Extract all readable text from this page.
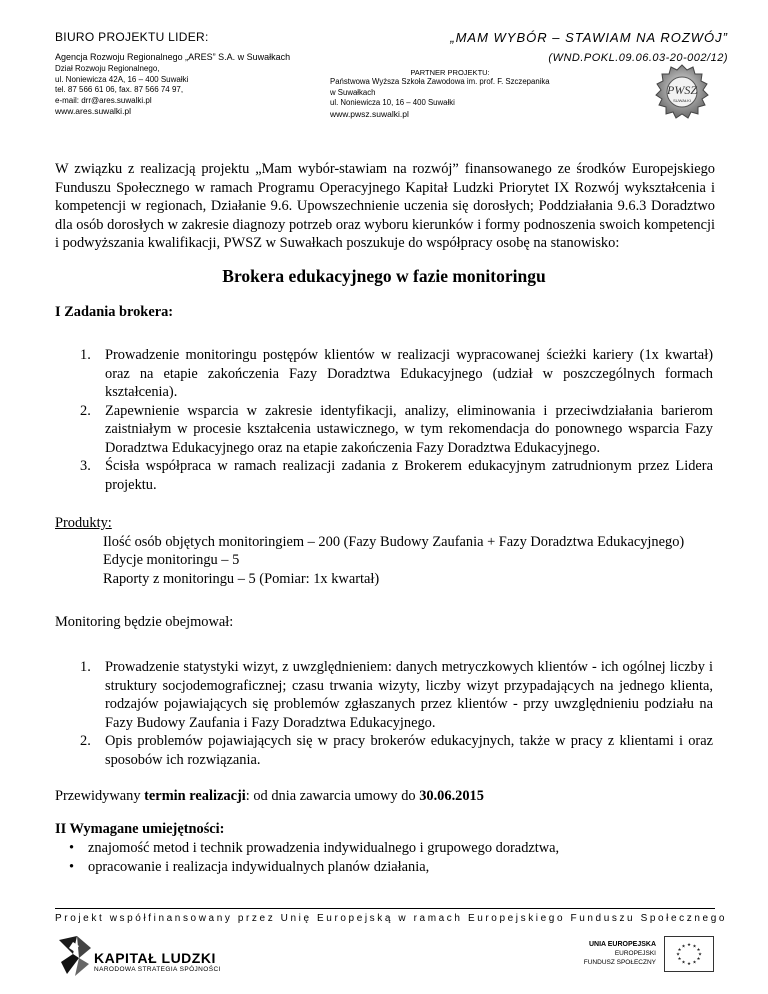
BIURO PROJEKTU LIDER:
Agencja Rozwoju Regionalnego „ARES” S.A. w Suwałkach
Dział Rozwoju Regionalnego,
ul. Noniewicza 42A, 16 – 400 Suwałki
tel. 87 566 61 06, fax. 87 566 74 97,
e-mail: drr@ares.suwalki.pl
www.ares.suwalki.pl
„MAM WYBÓR – STAWIAM NA ROZWÓJ”
(WND.POKL.09.06.03-20-002/12)
PARTNER PROJEKTU:
Państwowa Wyższa Szkoła Zawodowa im. prof. F. Szczepanika
w Suwałkach
ul. Noniewicza 10, 16 – 400 Suwałki
www.pwsz.suwalki.pl
PWSZ
SUWAŁKI
W związku z realizacją projektu „Mam wybór-stawiam na rozwój” finansowanego ze środków Europejskiego Funduszu Społecznego w ramach Programu Operacyjnego Kapitał Ludzki Priorytet IX Rozwój wykształcenia i kompetencji w regionach, Działanie 9.6. Upowszechnienie uczenia się dorosłych; Poddziałania 9.6.3 Doradztwo dla osób dorosłych w zakresie diagnozy potrzeb oraz wyboru kierunków i formy podnoszenia swoich kompetencji i podwyższania kwalifikacji, PWSZ w Suwałkach poszukuje do współpracy osobę na stanowisko:
Brokera edukacyjnego w fazie monitoringu
I Zadania brokera:
1. Prowadzenie monitoringu postępów klientów w realizacji wypracowanej ścieżki kariery (1x kwartał) oraz na etapie zakończenia Fazy Doradztwa Edukacyjnego (udział w poszczególnych formach kształcenia).
2. Zapewnienie wsparcia w zakresie identyfikacji, analizy, eliminowania i przeciwdziałania barierom zaistniałym w procesie kształcenia ustawicznego, w tym rekomendacja do ponownego wsparcia Fazy Doradztwa Edukacyjnego oraz na etapie zakończenia Fazy Doradztwa Edukacyjnego.
3. Ścisła współpraca w ramach realizacji zadania z Brokerem edukacyjnym zatrudnionym przez Lidera projektu.
Produkty:
Ilość osób objętych monitoringiem – 200 (Fazy Budowy Zaufania + Fazy Doradztwa Edukacyjnego)
Edycje monitoringu – 5
Raporty z monitoringu – 5 (Pomiar: 1x kwartał)
Monitoring będzie obejmował:
1. Prowadzenie statystyki wizyt, z uwzględnieniem: danych metryczkowych klientów - ich ogólnej liczby i struktury socjodemograficznej; czasu trwania wizyty, liczby wizyt przypadających na jednego klienta, rodzajów pojawiających się problemów zgłaszanych przez klientów - przy uwzględnieniu podziału na Fazy Budowy Zaufania i Fazy Doradztwa Edukacyjnego.
2. Opis problemów pojawiających się w pracy brokerów edukacyjnych, także w pracy z klientami i oraz sposobów ich rozwiązania.
Przewidywany termin realizacji: od dnia zawarcia umowy do 30.06.2015
II Wymagane umiejętności:
• znajomość metod i technik prowadzenia indywidualnego i grupowego doradztwa,
• opracowanie i realizacja indywidualnych planów działania,
Projekt współfinansowany przez Unię Europejską w ramach Europejskiego Funduszu Społecznego
KAPITAŁ LUDZKI
NARODOWA STRATEGIA SPÓJNOŚCI
UNIA EUROPEJSKA
EUROPEJSKI
FUNDUSZ SPOŁECZNY
★ ★
★
★
★
★
★
★
★
★
★
★
